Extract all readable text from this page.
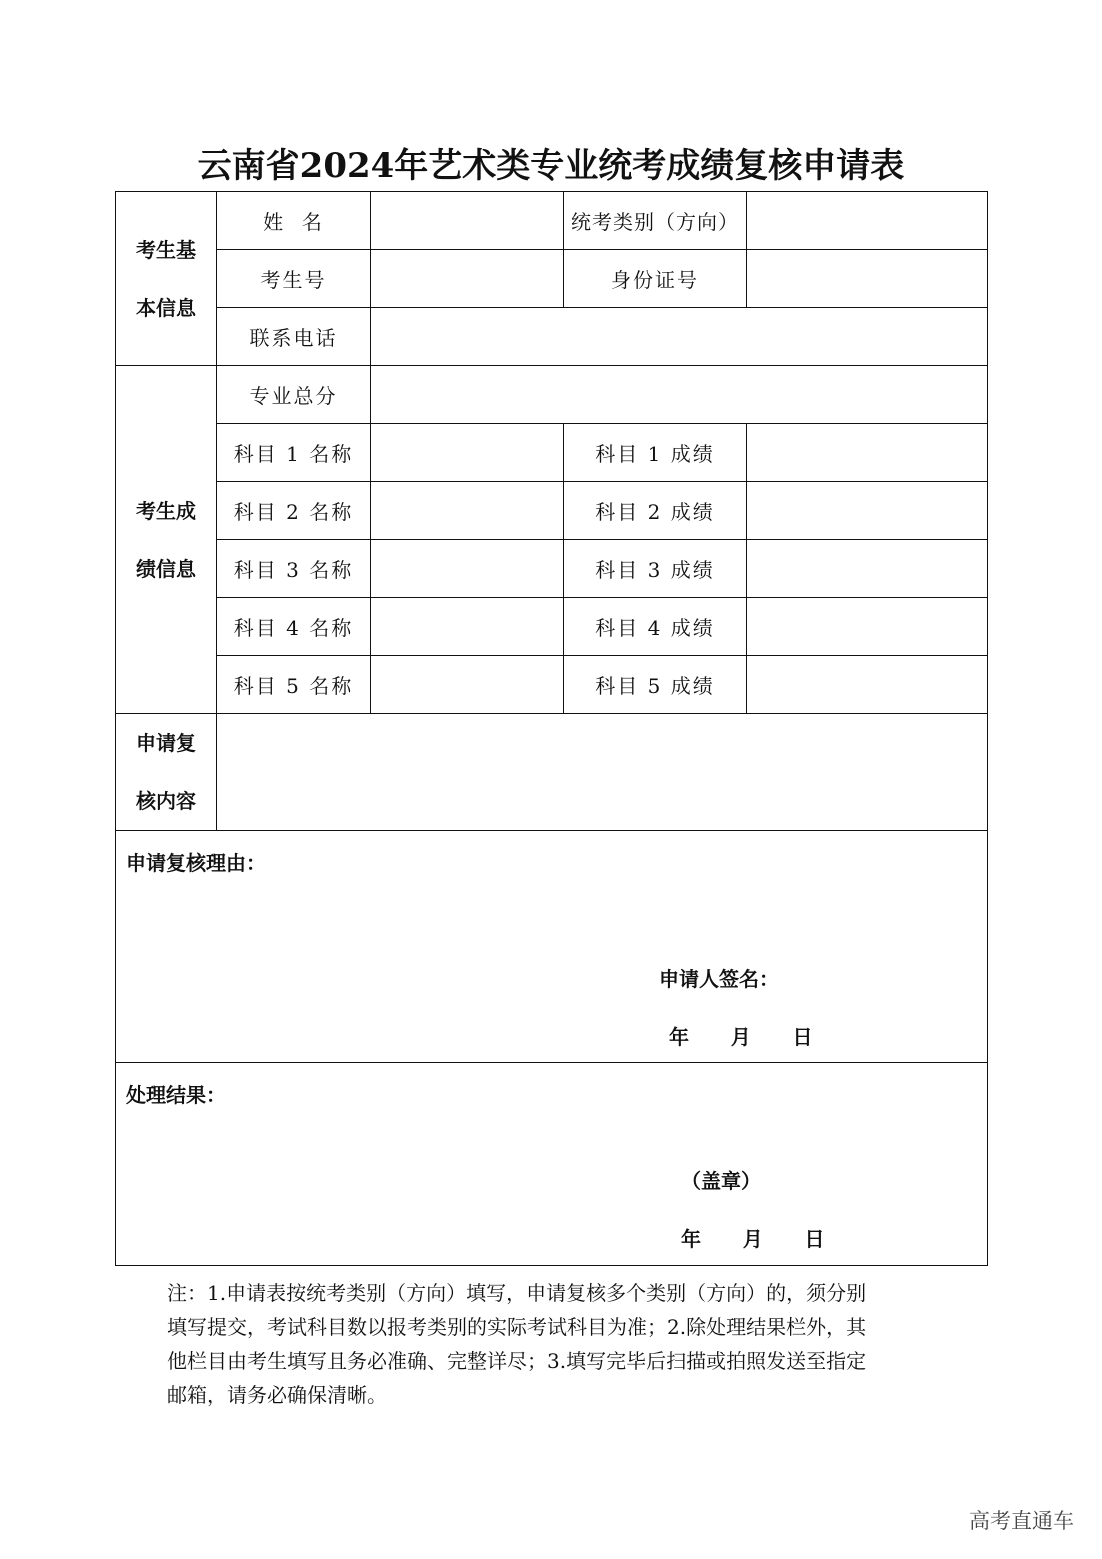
云南省2024年艺术类专业统考成绩复核申请表
考生基
本信息	姓  名		统考类别（方向）	
	考生号		身份证号	
	联系电话			

考生成
绩信息	专业总分			
	科目 1 名称		科目 1 成绩	
	科目 2 名称		科目 2 成绩	
	科目 3 名称		科目 3 成绩	
	科目 4 名称		科目 4 成绩	
	科目 5 名称		科目 5 成绩	

申请复
核内容				

申请复核理由：
申请人签名：
年      月      日				

处理结果：
（盖章）
年      月      日				
注：1.申请表按统考类别（方向）填写，申请复核多个类别（方向）的，须分别
填写提交，考试科目数以报考类别的实际考试科目为准；2.除处理结果栏外，其
他栏目由考生填写且务必准确、完整详尽；3.填写完毕后扫描或拍照发送至指定
邮箱，请务必确保清晰。
高考直通车
